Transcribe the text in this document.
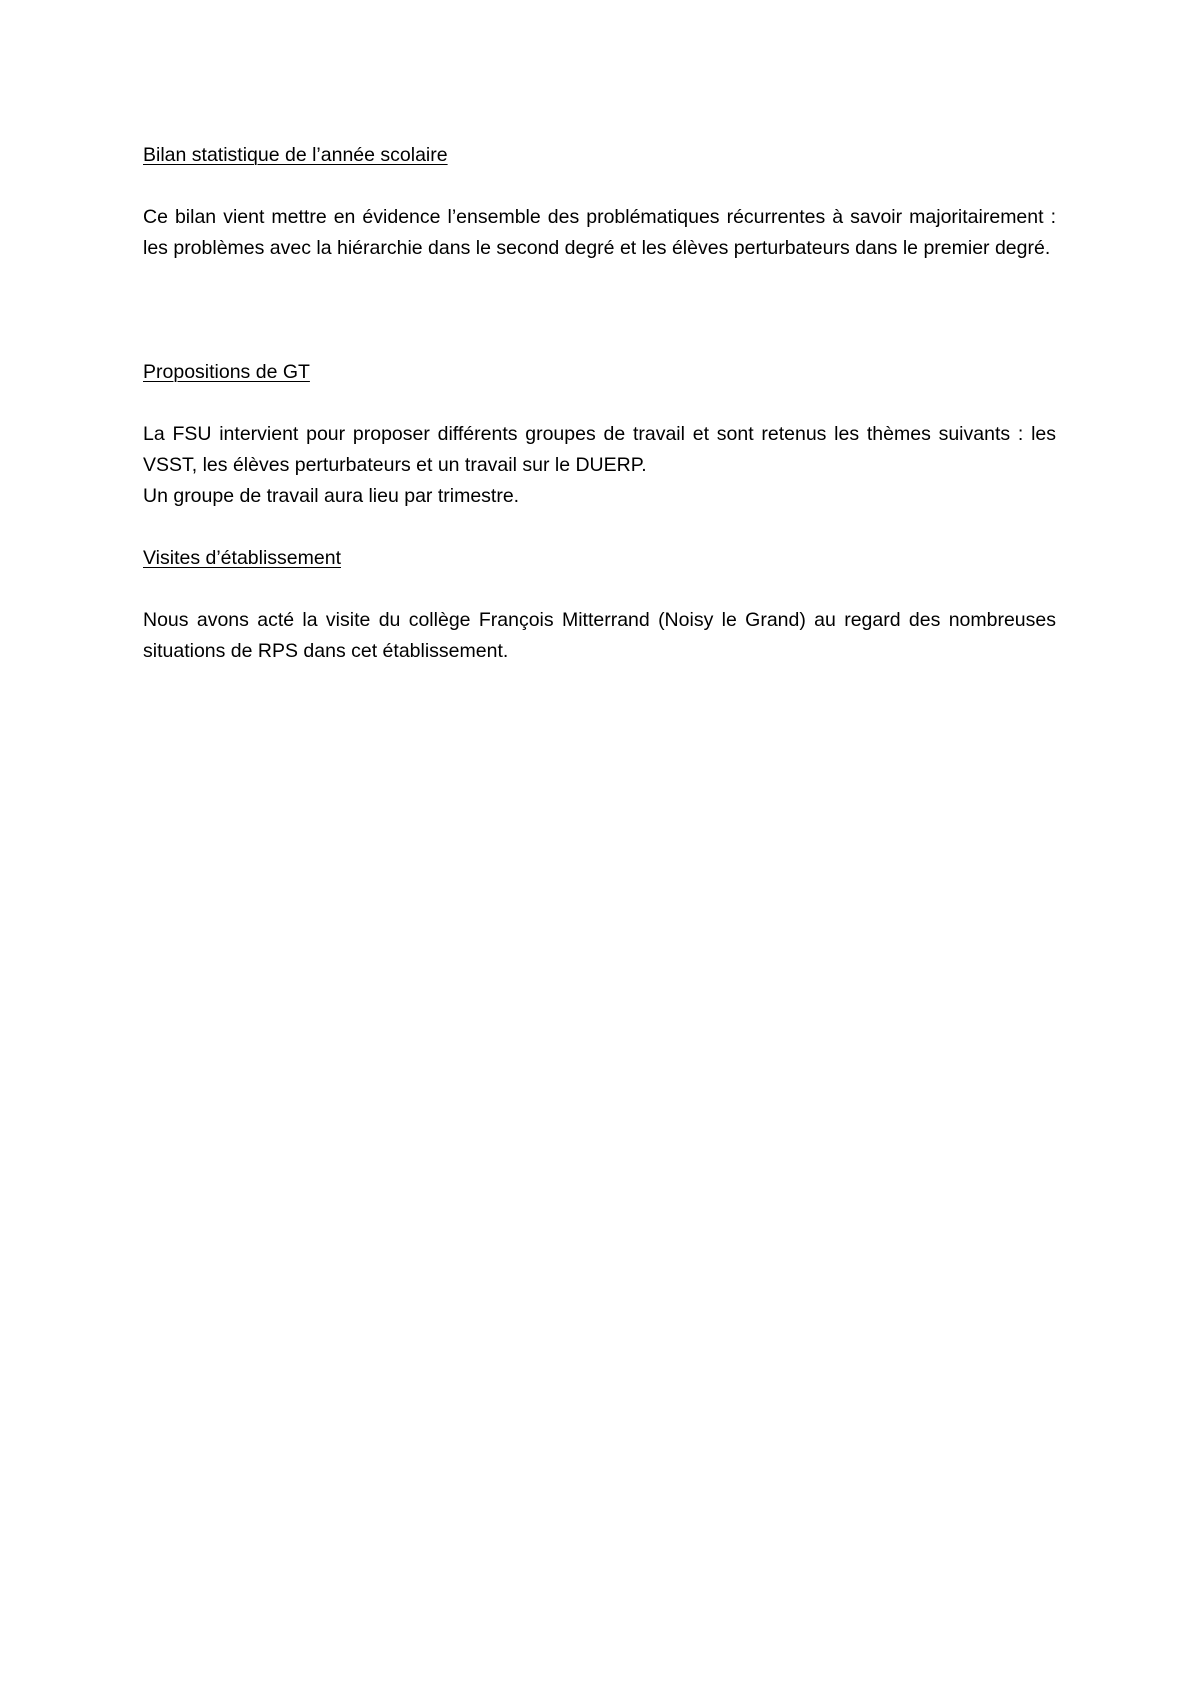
Bilan statistique de l’année scolaire

Ce bilan vient mettre en évidence l’ensemble des problématiques récurrentes à savoir majoritairement : les problèmes avec la hiérarchie dans le second degré et les élèves perturbateurs dans le premier degré.

Propositions de GT

La FSU intervient pour proposer différents groupes de travail et sont retenus les thèmes suivants : les VSST, les élèves perturbateurs et un travail sur le DUERP.

Un groupe de travail aura lieu par trimestre.

Visites d’établissement

Nous avons acté la visite du collège François Mitterrand (Noisy le Grand) au regard des nombreuses situations de RPS dans cet établissement.
